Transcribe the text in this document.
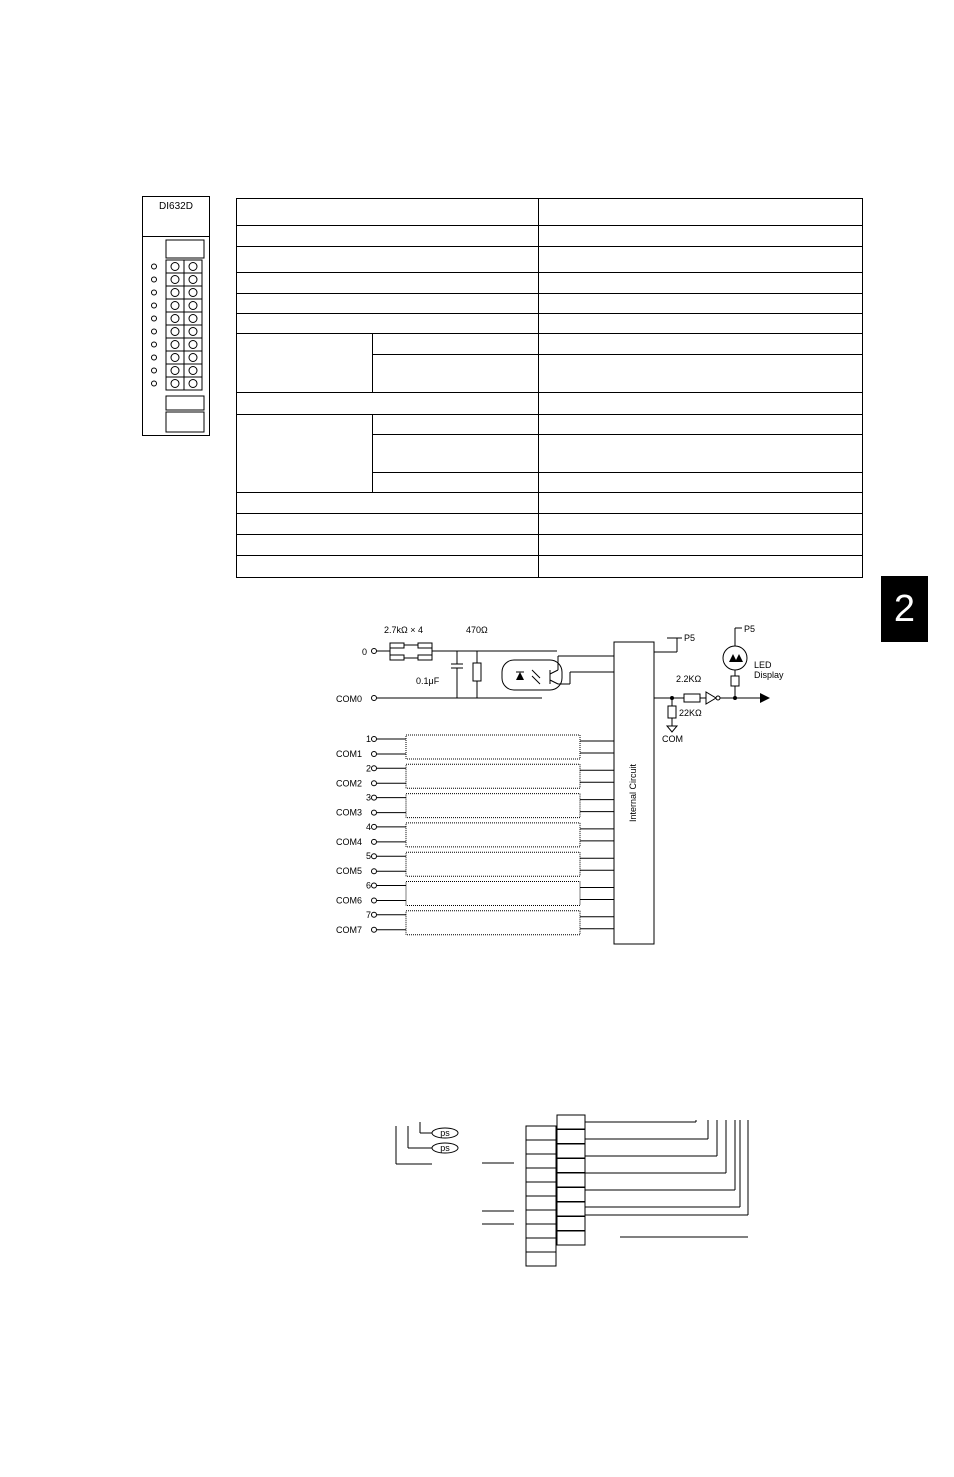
DI632D

2.7kΩ × 4	470Ω
0
0.1μF
COM0
Internal Circuit
P5
P5
LED
Display
2.2KΩ
22KΩ
COM
1
COM1
2
COM2
3
COM3
4
COM4
5
COM5
6
COM6
7
COM7
2
ps
ps
